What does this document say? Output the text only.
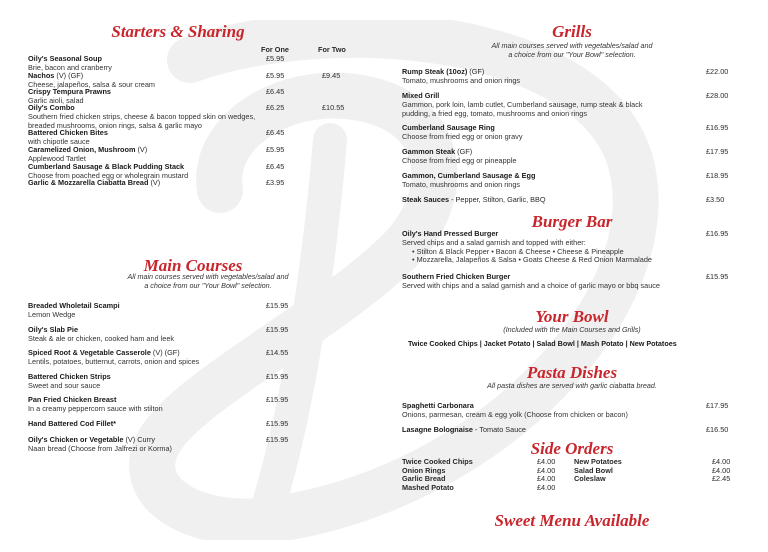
Starters & Sharing
For One	For Two
Oily's Seasonal Soup
Brie, bacon and cranberry
£5.95
Nachos (V) (GF)
Cheese, jalapeños, salsa & sour cream
£5.95	£9.45
Crispy Tempura Prawns
Garlic aioli, salad
£6.45
Oily's Combo
Southern fried chicken strips, cheese & bacon topped skin on wedges, breaded mushrooms, onion rings, salsa & garlic mayo
£6.25	£10.55
Battered Chicken Bites
with chipotle sauce
£6.45
Caramelized Onion, Mushroom (V)
Applewood Tartlet
£5.95
Cumberland Sausage & Black Pudding Stack
Choose from poached egg or wholegrain mustard
£6.45
Garlic & Mozzarella Ciabatta Bread (V)	£3.95
Main Courses
All main courses served with vegetables/salad and
a choice from our "Your Bowl" selection.
Breaded Wholetail Scampi
Lemon Wedge
£15.95
Oily's Slab Pie
Steak & ale or chicken, cooked ham and leek
£15.95
Spiced Root & Vegetable Casserole (V) (GF)
Lentils, potatoes, butternut, carrots, onion and spices
£14.55
Battered Chicken Strips
Sweet and sour sauce
£15.95
Pan Fried Chicken Breast
In a creamy peppercorn sauce with stilton
£15.95
Hand Battered Cod Fillet*	£15.95
Oily's Chicken or Vegetable (V) Curry
Naan bread (Choose from Jalfrezi or Korma)
£15.95
Grills
All main courses served with vegetables/salad and
a choice from our "Your Bowl" selection.
Rump Steak (10oz) (GF)
Tomato, mushrooms and onion rings
£22.00
Mixed Grill
Gammon, pork loin, lamb cutlet, Cumberland sausage, rump steak & black pudding, a fried egg, tomato, mushrooms and onion rings
£28.00
Cumberland Sausage Ring
Choose from fried egg or onion gravy
£16.95
Gammon Steak (GF)
Choose from fried egg or pineapple
£17.95
Gammon, Cumberland Sausage & Egg
Tomato, mushrooms and onion rings
£18.95
Steak Sauces - Pepper, Stilton, Garlic, BBQ	£3.50
Burger Bar
Oily's Hand Pressed Burger
Served chips and a salad garnish and topped with either:
• Stilton & Black Pepper • Bacon & Cheese • Cheese & Pineapple
• Mozzarella, Jalapeños & Salsa • Goats Cheese & Red Onion Marmalade
£16.95
Southern Fried Chicken Burger
Served with chips and a salad garnish and a choice of garlic mayo or bbq sauce
£15.95
Your Bowl
(Included with the Main Courses and Grills)
Twice Cooked Chips | Jacket Potato | Salad Bowl | Mash Potato | New Potatoes
Pasta Dishes
All pasta dishes are served with garlic ciabatta bread.
Spaghetti Carbonara
Onions, parmesan, cream & egg yolk (Choose from chicken or bacon)
£17.95
Lasagne Bolognaise - Tomato Sauce	£16.50
Side Orders
Twice Cooked Chips	£4.00
Onion Rings	£4.00
Garlic Bread	£4.00
Mashed Potato	£4.00
New Potatoes	£4.00
Salad Bowl	£4.00
Coleslaw	£2.45
Sweet Menu Available
